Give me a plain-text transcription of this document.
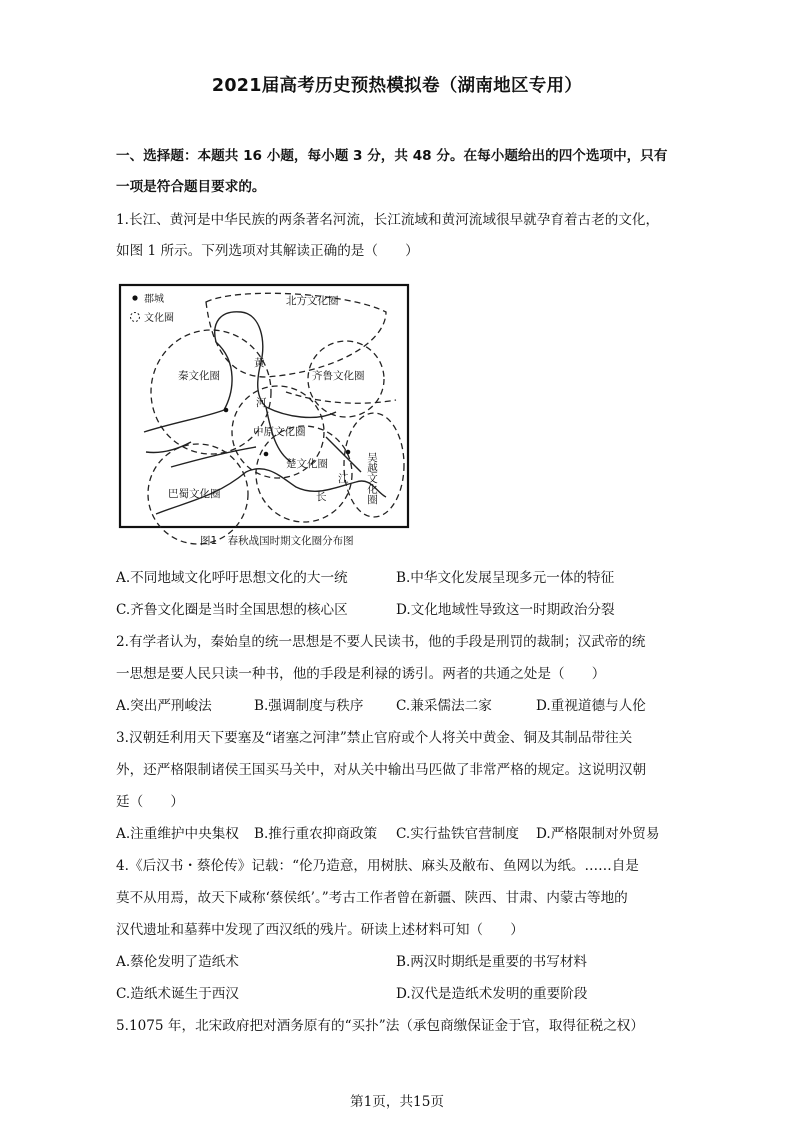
2021届高考历史预热模拟卷（湖南地区专用）
一、选择题：本题共 16 小题，每小题 3 分，共 48 分。在每小题给出的四个选项中，只有
一项是符合题目要求的。
1.长江、黄河是中华民族的两条著名河流，长江流域和黄河流域很早就孕育着古老的文化，
如图 1 所示。下列选项对其解读正确的是（　　）
郡城
文化圈
北方文化圈
秦文化圈	齐鲁文化圈
中原文化圈
楚文化圈
巴蜀文化圈
黄
河
长
江 吴越文化圈
图1　春秋战国时期文化圈分布图
A.不同地域文化呼吁思想文化的大一统	B.中华文化发展呈现多元一体的特征
C.齐鲁文化圈是当时全国思想的核心区	D.文化地域性导致这一时期政治分裂
2.有学者认为，秦始皇的统一思想是不要人民读书，他的手段是刑罚的裁制；汉武帝的统
一思想是要人民只读一种书，他的手段是利禄的诱引。两者的共通之处是（　　）
A.突出严刑峻法	B.强调制度与秩序 C.兼采儒法二家	D.重视道德与人伦
3.汉朝廷利用天下要塞及“诸塞之河津”禁止官府或个人将关中黄金、铜及其制品带往关
外，还严格限制诸侯王国买马关中，对从关中输出马匹做了非常严格的规定。这说明汉朝
廷（　　）
A.注重维护中央集权 B.推行重农抑商政策 C.实行盐铁官营制度 D.严格限制对外贸易
4.《后汉书・蔡伦传》记载：“伦乃造意，用树肤、麻头及敝布、鱼网以为纸。……自是
莫不从用焉，故天下咸称‘蔡侯纸’。”考古工作者曾在新疆、陕西、甘肃、内蒙古等地的
汉代遗址和墓葬中发现了西汉纸的残片。研读上述材料可知（　　）
A.蔡伦发明了造纸术	B.两汉时期纸是重要的书写材料
C.造纸术诞生于西汉	D.汉代是造纸术发明的重要阶段
5.1075 年，北宋政府把对酒务原有的“买扑”法（承包商缴保证金于官，取得征税之权）
第1页，共15页
